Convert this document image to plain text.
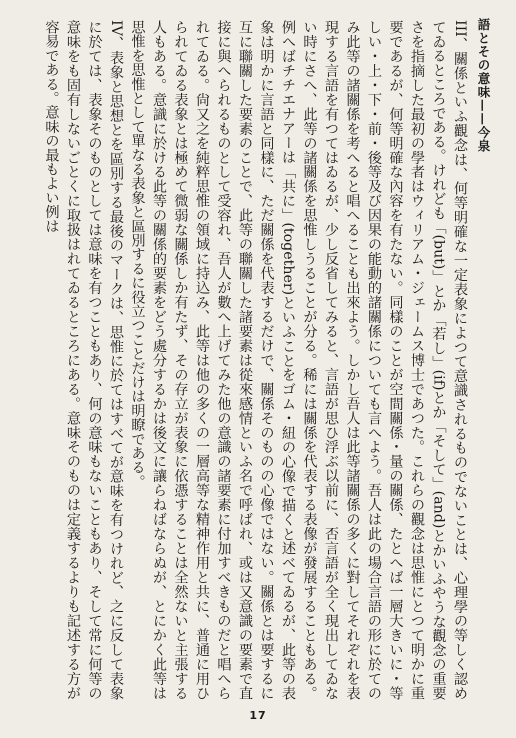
語とその意味——今泉

III、關係といふ觀念は、何等明確な一定表象によつて意識されるものでないことは、心理學の等しく認めてゐるところである。けれども「(but)」とか「若し」(if)とか「そして」(and)とかいふやうな觀念の重要さを指摘した最初の學者はウィリアム・ジェームス博士であつた。これらの觀念は思惟にとつて明かに重要であるが、何等明確な內容を有たない。同樣のことが空間關係・量の關係、たとへば一層大きいに・等しい・上・下・前・後等及び因果の能動的諸關係についても言へよう。吾人は此の場合言語の形に於てのみ此等の諸關係を考へると唱へることも出來よう。しかし吾人は此等諸關係の多くに對してそれぞれを表現する言語を有つてはゐるが、少し反省してみると、言語が思ひ浮ぶ以前に、否言語が全く現出してゐない時にさへ、此等の諸關係を思惟しうることが分る。稀には關係を代表する表像が發展することもある。例へばチチエナアーは「共に」(together)といふことをゴム・紐の心像で描くと述べてゐるが、此等の表象は明かに言語と同樣に、ただ關係を代表するだけで、關係そのものの心像ではない。關係とは要するに互に聯關した要素のことで、此等の聯關した諸要素は從來感情といふ名で呼ばれ、或は又意識の要素で直接に與へられるものとして受容れ、吾人が數へ上げてみた他の意識の諸要素に付加すべきものだと唱へられてゐる。尙又之を純粹思惟の領域に持込み、此等は他の多くの一層高等な精神作用と共に、普通に用ひられてゐる表象とは極めて微弱な關係しか有たず、その存立が表象に依憑することは全然ないと主張する人もある。意識に於ける此等の關係的要素をどう處分するかは後文に讓らねばならぬが、とにかく此等は思惟を思惟として單なる表象と區別するに役立つことだけは明瞭である。

IV、表象と思想とを區別する最後のマークは、思惟に於てはすべてが意味を有つけれど、之に反して表象に於ては、表象そのものとしては意味を有つこともあり、何の意味もないこともあり、そして常に何等の意味をも固有しないごとくに取扱はれてゐるところにある。意味そのものは定義するよりも記述する方が容易である。意味の最もよい例は

17
